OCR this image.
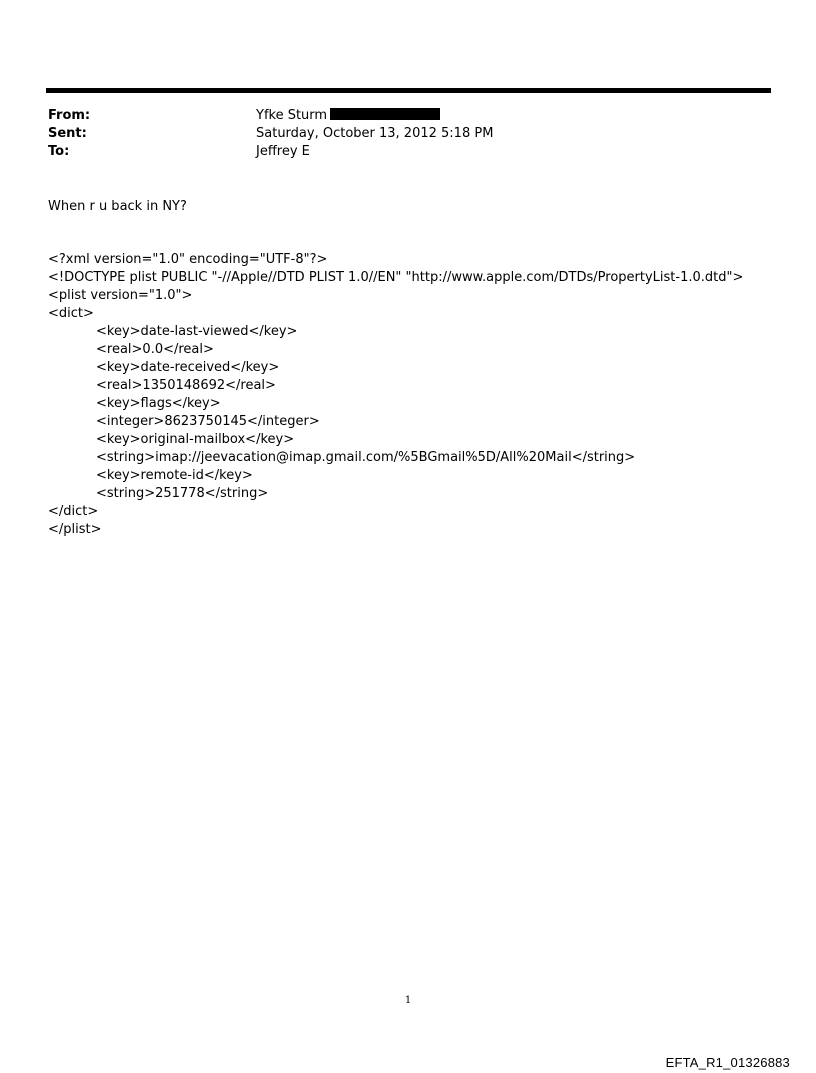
From:	Yfke Sturm
Sent:	Saturday, October 13, 2012 5:18 PM
To:	Jeffrey E
When r u back in NY?
<?xml version="1.0" encoding="UTF-8"?>
<!DOCTYPE plist PUBLIC "-//Apple//DTD PLIST 1.0//EN" "http://www.apple.com/DTDs/PropertyList-1.0.dtd">
<plist version="1.0">
<dict>
<key>date-last-viewed</key>
<real>0.0</real>
<key>date-received</key>
<real>1350148692</real>
<key>flags</key>
<integer>8623750145</integer>
<key>original-mailbox</key>
<string>imap://jeevacation@imap.gmail.com/%5BGmail%5D/All%20Mail</string>
<key>remote-id</key>
<string>251778</string>
</dict>
</plist>
1
EFTA_R1_01326883
